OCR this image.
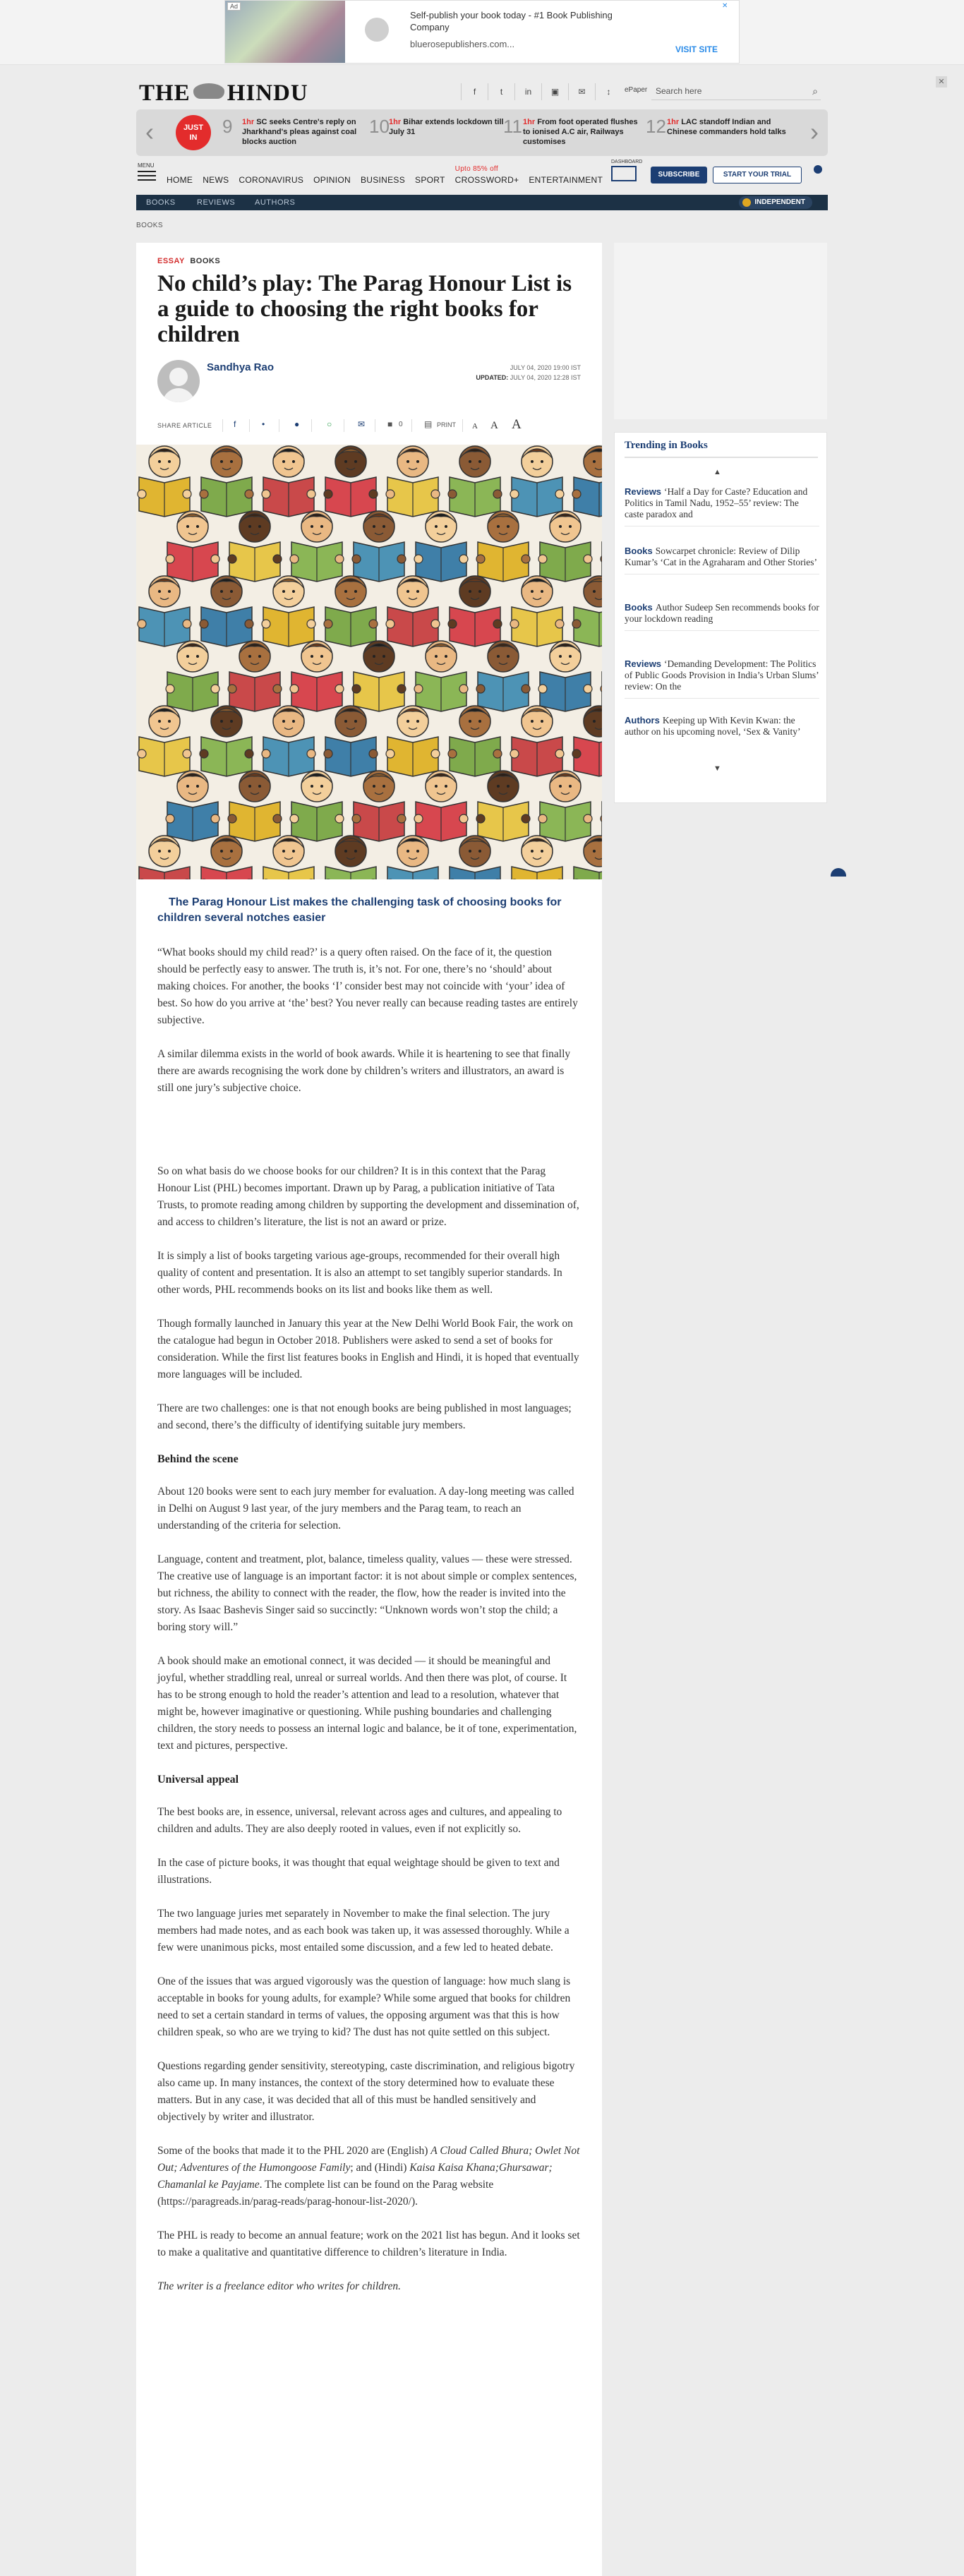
Ad
Self-publish your book today - #1 Book Publishing Company
bluerosepublishers.com...	VISIT SITE
✕
THE HINDU	f	t	in	▣	✉	↕	ePaper Search here	⌕
✕
‹	JUST
IN
9 1hr SC seeks Centre's reply on Jharkhand's pleas against coal blocks auction
10 1hr Bihar extends lockdown till July 31	11 1hr From foot operated flushes to ionised A.C air, Railways customises
12 1hr LAC standoff Indian and Chinese commanders hold talks ›
MENU
HOME NEWS CORONAVIRUS OPINION BUSINESS SPORT
Upto 85% off
CROSSWORD+ ENTERTAINMENT
DASHBOARD
SUBSCRIBE	START YOUR TRIAL
BOOKS	REVIEWS	AUTHORS	INDEPENDENT
BOOKS
ESSAY BOOKS
No child’s play: The Parag Honour List is a guide to choosing the right books for children
Sandhya Rao	JULY 04, 2020 19:00 IST
UPDATED: JULY 04, 2020 12:28 IST
SHARE ARTICLE	f	•	●	○	✉	■ 0	▤ PRINT A A A
The Parag Honour List makes the challenging task of choosing books for children several notches easier

“What books should my child read?’ is a query often raised. On the face of it, the question should be perfectly easy to answer. The truth is, it’s not. For one, there’s no ‘should’ about making choices. For another, the books ‘I’ consider best may not coincide with ‘your’ idea of best. So how do you arrive at ‘the’ best? You never really can because reading tastes are entirely subjective.

A similar dilemma exists in the world of book awards. While it is heartening to see that finally there are awards recognising the work done by children’s writers and illustrators, an award is still one jury’s subjective choice.

So on what basis do we choose books for our children? It is in this context that the Parag Honour List (PHL) becomes important. Drawn up by Parag, a publication initiative of Tata Trusts, to promote reading among children by supporting the development and dissemination of, and access to children’s literature, the list is not an award or prize.

It is simply a list of books targeting various age-groups, recommended for their overall high quality of content and presentation. It is also an attempt to set tangibly superior standards. In other words, PHL recommends books on its list and books like them as well.

Though formally launched in January this year at the New Delhi World Book Fair, the work on the catalogue had begun in October 2018. Publishers were asked to send a set of books for consideration. While the first list features books in English and Hindi, it is hoped that eventually more languages will be included.

There are two challenges: one is that not enough books are being published in most languages; and second, there’s the difficulty of identifying suitable jury members.

Behind the scene

About 120 books were sent to each jury member for evaluation. A day-long meeting was called in Delhi on August 9 last year, of the jury members and the Parag team, to reach an understanding of the criteria for selection.

Language, content and treatment, plot, balance, timeless quality, values — these were stressed. The creative use of language is an important factor: it is not about simple or complex sentences, but richness, the ability to connect with the reader, the flow, how the reader is invited into the story. As Isaac Bashevis Singer said so succinctly: “Unknown words won’t stop the child; a boring story will.”

A book should make an emotional connect, it was decided — it should be meaningful and joyful, whether straddling real, unreal or surreal worlds. And then there was plot, of course. It has to be strong enough to hold the reader’s attention and lead to a resolution, whatever that might be, however imaginative or questioning. While pushing boundaries and challenging children, the story needs to possess an internal logic and balance, be it of tone, experimentation, text and pictures, perspective.

Universal appeal

The best books are, in essence, universal, relevant across ages and cultures, and appealing to children and adults. They are also deeply rooted in values, even if not explicitly so.

In the case of picture books, it was thought that equal weightage should be given to text and illustrations.

The two language juries met separately in November to make the final selection. The jury members had made notes, and as each book was taken up, it was assessed thoroughly. While a few were unanimous picks, most entailed some discussion, and a few led to heated debate.

One of the issues that was argued vigorously was the question of language: how much slang is acceptable in books for young adults, for example? While some argued that books for children need to set a certain standard in terms of values, the opposing argument was that this is how children speak, so who are we trying to kid? The dust has not quite settled on this subject.

Questions regarding gender sensitivity, stereotyping, caste discrimination, and religious bigotry also came up. In many instances, the context of the story determined how to evaluate these matters. But in any case, it was decided that all of this must be handled sensitively and objectively by writer and illustrator.

Some of the books that made it to the PHL 2020 are (English) A Cloud Called Bhura; Owlet Not Out; Adventures of the Humongoose Family; and (Hindi) Kaisa Kaisa Khana;Ghursawar; Chamanlal ke Payjame. The complete list can be found on the Parag website (https://paragreads.in/parag-reads/parag-honour-list-2020/).

The PHL is ready to become an annual feature; work on the 2021 list has begun. And it looks set to make a qualitative and quantitative difference to children’s literature in India.

The writer is a freelance editor who writes for children.

Trending in Books
▲
Reviews ‘Half a Day for Caste? Education and Politics in Tamil Nadu, 1952–55’ review: The caste paradox and
Books Sowcarpet chronicle: Review of Dilip Kumar’s ‘Cat in the Agraharam and Other Stories’
Books Author Sudeep Sen recommends books for your lockdown reading
Reviews ‘Demanding Development: The Politics of Public Goods Provision in India’s Urban Slums’ review: On the
Authors Keeping up With Kevin Kwan: the author on his upcoming novel, ‘Sex & Vanity’
▼
